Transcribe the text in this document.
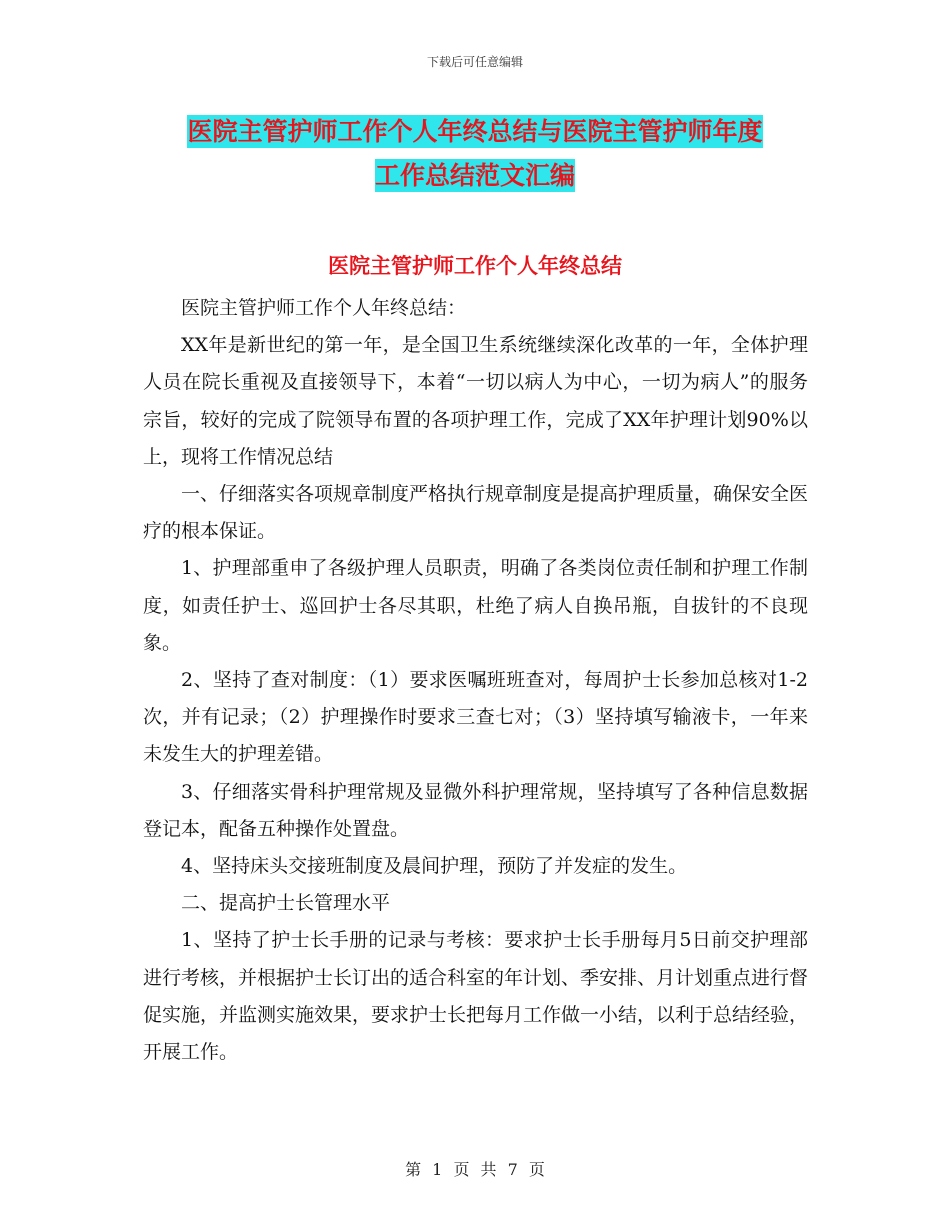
下载后可任意编辑
医院主管护师工作个人年终总结与医院主管护师年度
工作总结范文汇编
医院主管护师工作个人年终总结

医院主管护师工作个人年终总结：

XX年是新世纪的第一年，是全国卫生系统继续深化改革的一年，全体护理人员在院长重视及直接领导下，本着“一切以病人为中心，一切为病人”的服务宗旨，较好的完成了院领导布置的各项护理工作，完成了XX年护理计划90%以上，现将工作情况总结

一、仔细落实各项规章制度严格执行规章制度是提高护理质量，确保安全医疗的根本保证。

1、护理部重申了各级护理人员职责，明确了各类岗位责任制和护理工作制度，如责任护士、巡回护士各尽其职，杜绝了病人自换吊瓶，自拔针的不良现象。

2、坚持了查对制度：（1）要求医嘱班班查对，每周护士长参加总核对1-2次，并有记录；（2）护理操作时要求三查七对；（3）坚持填写输液卡，一年来未发生大的护理差错。

3、仔细落实骨科护理常规及显微外科护理常规，坚持填写了各种信息数据登记本，配备五种操作处置盘。

4、坚持床头交接班制度及晨间护理，预防了并发症的发生。

二、提高护士长管理水平

1、坚持了护士长手册的记录与考核：要求护士长手册每月5日前交护理部进行考核，并根据护士长订出的适合科室的年计划、季安排、月计划重点进行督促实施，并监测实施效果，要求护士长把每月工作做一小结，以利于总结经验，开展工作。

第 1 页 共 7 页
